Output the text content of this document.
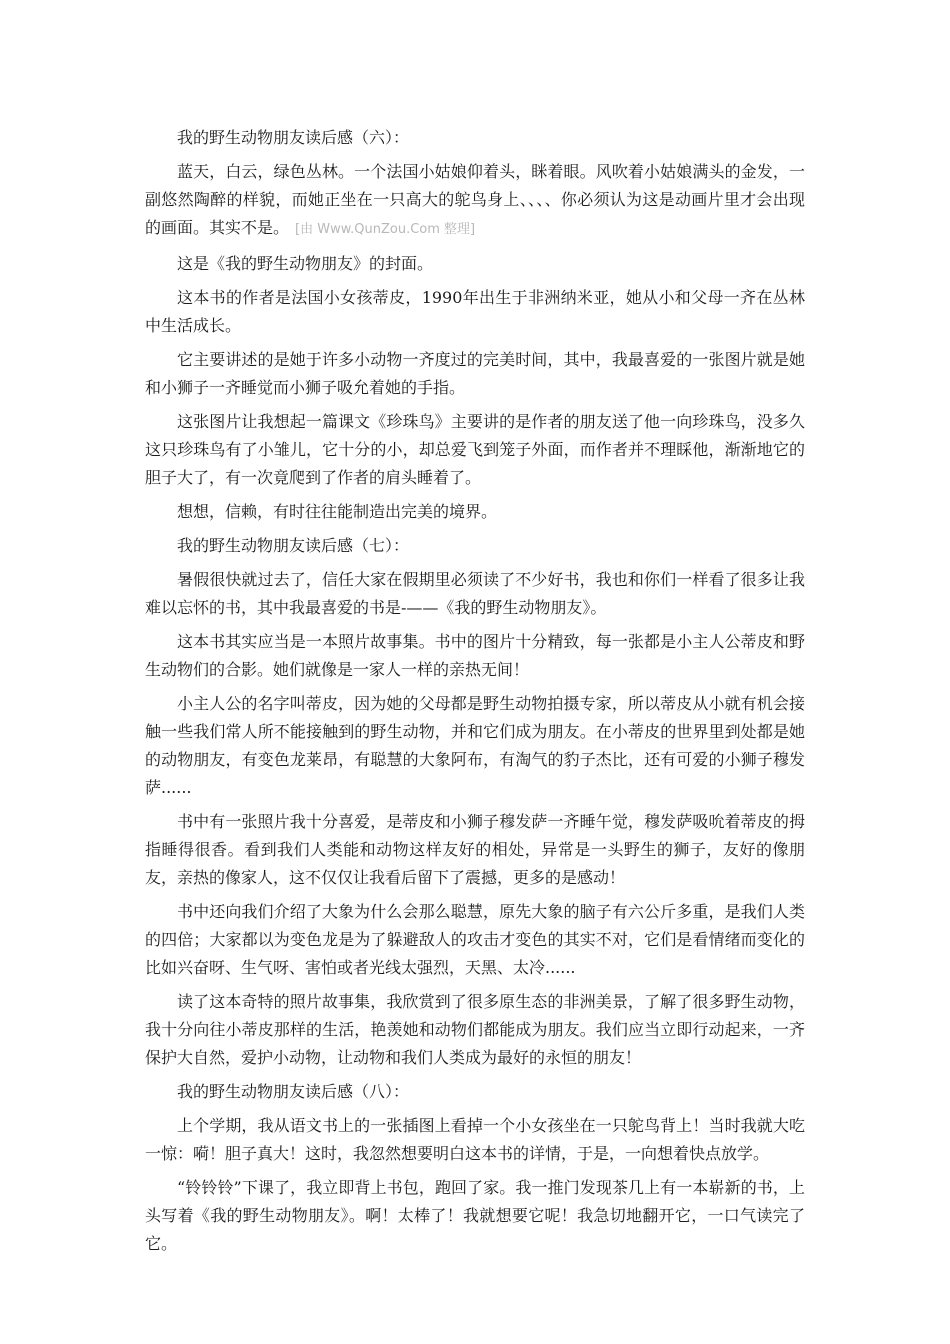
我的野生动物朋友读后感（六）：

蓝天，白云，绿色丛林。一个法国小姑娘仰着头，眯着眼。风吹着小姑娘满头的金发，一副悠然陶醉的样貌，而她正坐在一只高大的鸵鸟身上、、、、你必须认为这是动画片里才会出现的画面。其实不是。 [由 Www.QunZou.Com 整理]

这是《我的野生动物朋友》的封面。

这本书的作者是法国小女孩蒂皮，1990年出生于非洲纳米亚，她从小和父母一齐在丛林中生活成长。

它主要讲述的是她于许多小动物一齐度过的完美时间，其中，我最喜爱的一张图片就是她和小狮子一齐睡觉而小狮子吸允着她的手指。

这张图片让我想起一篇课文《珍珠鸟》主要讲的是作者的朋友送了他一向珍珠鸟，没多久这只珍珠鸟有了小雏儿，它十分的小，却总爱飞到笼子外面，而作者并不理睬他，渐渐地它的胆子大了，有一次竟爬到了作者的肩头睡着了。

想想，信赖，有时往往能制造出完美的境界。

我的野生动物朋友读后感（七）：

暑假很快就过去了，信任大家在假期里必须读了不少好书，我也和你们一样看了很多让我难以忘怀的书，其中我最喜爱的书是-——《我的野生动物朋友》。

这本书其实应当是一本照片故事集。书中的图片十分精致，每一张都是小主人公蒂皮和野生动物们的合影。她们就像是一家人一样的亲热无间！

小主人公的名字叫蒂皮，因为她的父母都是野生动物拍摄专家，所以蒂皮从小就有机会接触一些我们常人所不能接触到的野生动物，并和它们成为朋友。在小蒂皮的世界里到处都是她的动物朋友，有变色龙莱昂，有聪慧的大象阿布，有淘气的豹子杰比，还有可爱的小狮子穆发萨......

书中有一张照片我十分喜爱，是蒂皮和小狮子穆发萨一齐睡午觉，穆发萨吸吮着蒂皮的拇指睡得很香。看到我们人类能和动物这样友好的相处，异常是一头野生的狮子，友好的像朋友，亲热的像家人，这不仅仅让我看后留下了震撼，更多的是感动！

书中还向我们介绍了大象为什么会那么聪慧，原先大象的脑子有六公斤多重，是我们人类的四倍；大家都以为变色龙是为了躲避敌人的攻击才变色的其实不对，它们是看情绪而变化的比如兴奋呀、生气呀、害怕或者光线太强烈，天黑、太冷......

读了这本奇特的照片故事集，我欣赏到了很多原生态的非洲美景，了解了很多野生动物，我十分向往小蒂皮那样的生活，艳羡她和动物们都能成为朋友。我们应当立即行动起来，一齐保护大自然，爱护小动物，让动物和我们人类成为最好的永恒的朋友！

我的野生动物朋友读后感（八）：

上个学期，我从语文书上的一张插图上看掉一个小女孩坐在一只鸵鸟背上！当时我就大吃一惊：嗬！胆子真大！这时，我忽然想要明白这本书的详情，于是，一向想着快点放学。

“铃铃铃”下课了，我立即背上书包，跑回了家。我一推门发现茶几上有一本崭新的书，上头写着《我的野生动物朋友》。啊！太棒了！我就想要它呢！我急切地翻开它，一口气读完了它。
